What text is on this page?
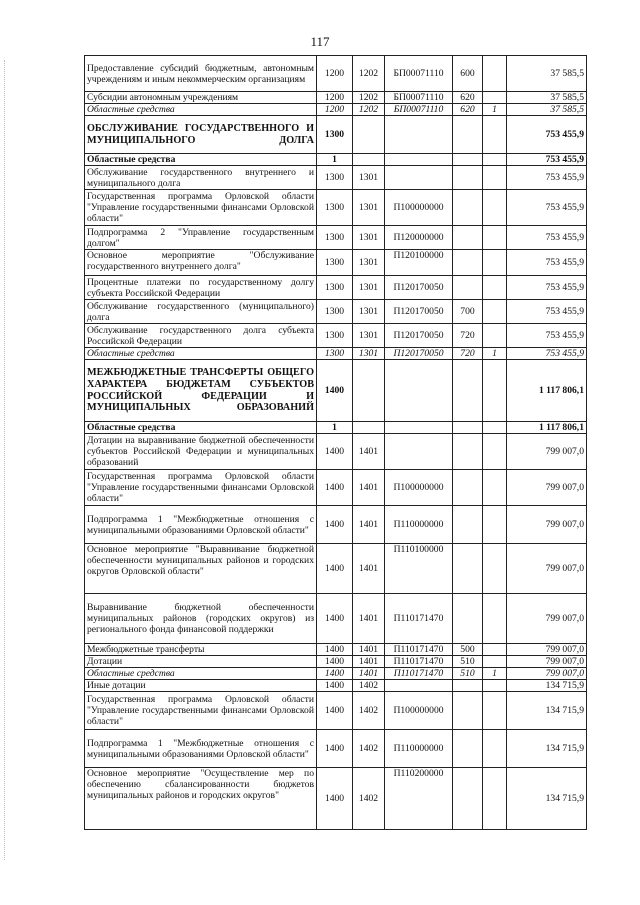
117
Предоставление субсидий бюджетным, автономным учреждениям и иным некоммерческим организациям	1200	1202	БП00071110	600		37 585,5
Субсидии автономным учреждениям	1200	1202	БП00071110	620		37 585,5
Областные средства	1200	1202	БП00071110	620	1	37 585,5
ОБСЛУЖИВАНИЕ ГОСУДАРСТВЕННОГО И МУНИЦИПАЛЬНОГО ДОЛГА	1300					753 455,9
Областные средства	1					753 455,9
Обслуживание государственного внутреннего и муниципального долга	1300	1301				753 455,9
Государственная программа Орловской области "Управление государственными финансами Орловской области"	1300	1301	П100000000			753 455,9
Подпрограмма 2 "Управление государственным долгом"	1300	1301	П120000000			753 455,9
Основное мероприятие "Обслуживание государственного внутреннего долга"	1300	1301	П120100000			753 455,9
Процентные платежи по государственному долгу субъекта Российской Федерации	1300	1301	П120170050			753 455,9
Обслуживание государственного (муниципального) долга	1300	1301	П120170050	700		753 455,9
Обслуживание государственного долга субъекта Российской Федерации	1300	1301	П120170050	720		753 455,9
Областные средства	1300	1301	П120170050	720	1	753 455,9
МЕЖБЮДЖЕТНЫЕ ТРАНСФЕРТЫ ОБЩЕГО ХАРАКТЕРА БЮДЖЕТАМ СУБЪЕКТОВ РОССИЙСКОЙ ФЕДЕРАЦИИ И МУНИЦИПАЛЬНЫХ ОБРАЗОВАНИЙ	1400					1 117 806,1
Областные средства	1					1 117 806,1
Дотации на выравнивание бюджетной обеспеченности субъектов Российской Федерации и муниципальных образований	1400	1401				799 007,0
Государственная программа Орловской области "Управление государственными финансами Орловской области"	1400	1401	П100000000			799 007,0
Подпрограмма 1 "Межбюджетные отношения с муниципальными образованиями Орловской области"	1400	1401	П110000000			799 007,0
Основное мероприятие "Выравнивание бюджетной обеспеченности муниципальных районов и городских округов Орловской области"	1400	1401	П110100000			799 007,0
Выравнивание бюджетной обеспеченности муниципальных районов (городских округов) из регионального фонда финансовой поддержки	1400	1401	П110171470			799 007,0
Межбюджетные трансферты	1400	1401	П110171470	500		799 007,0
Дотации	1400	1401	П110171470	510		799 007,0
Областные средства	1400	1401	П110171470	510	1	799 007,0
Иные дотации	1400	1402				134 715,9
Государственная программа Орловской области "Управление государственными финансами Орловской области"	1400	1402	П100000000			134 715,9
Подпрограмма 1 "Межбюджетные отношения с муниципальными образованиями Орловской области"	1400	1402	П110000000			134 715,9
Основное мероприятие "Осуществление мер по обеспечению сбалансированности бюджетов муниципальных районов и городских округов"	1400	1402	П110200000			134 715,9
